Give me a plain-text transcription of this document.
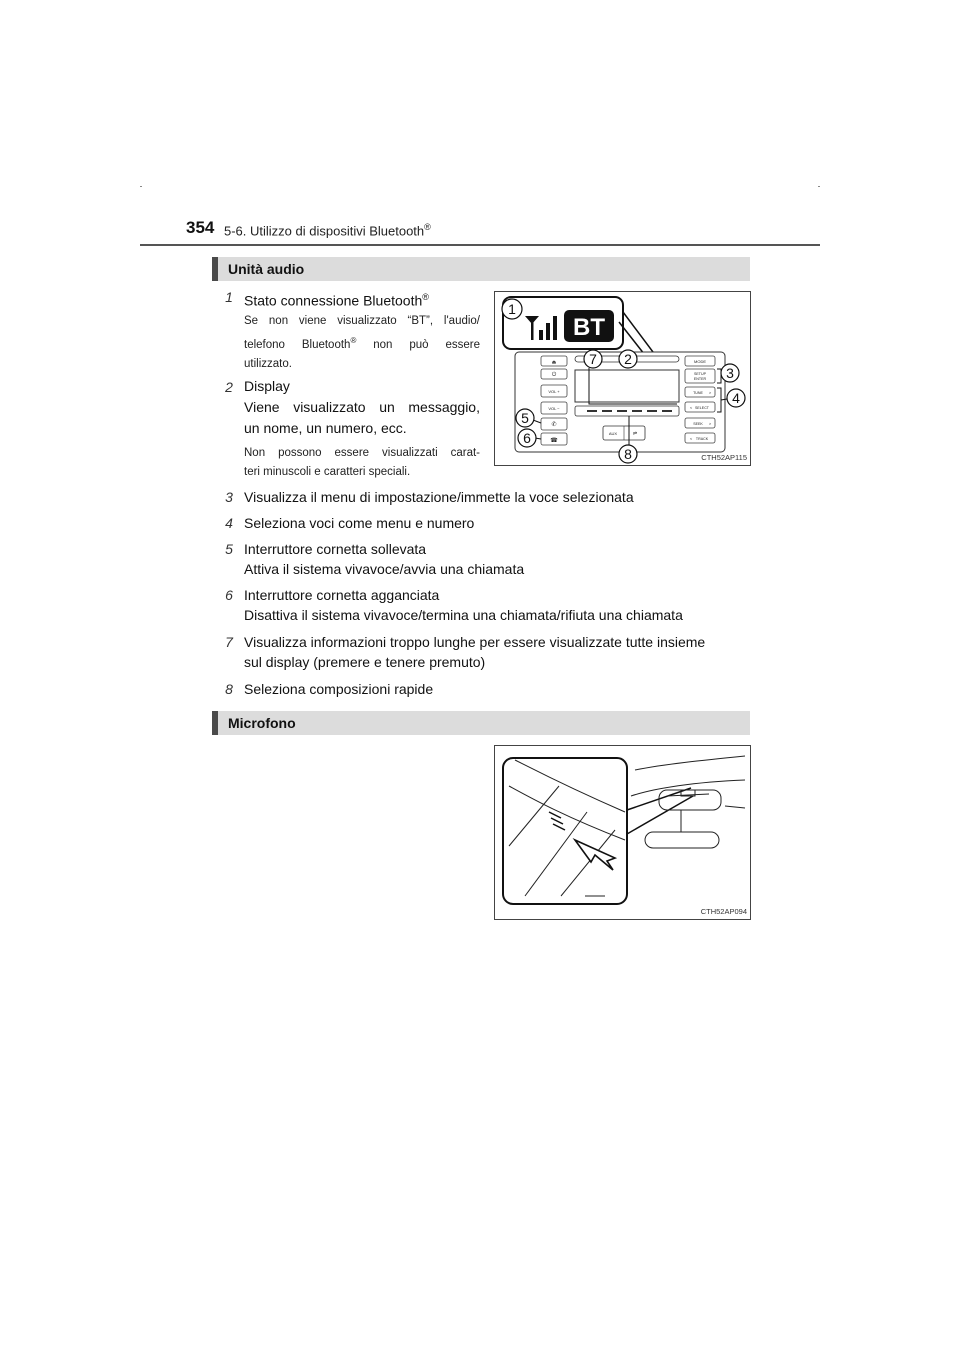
354 5-6. Utilizzo di dispositivi Bluetooth®
Unità audio
1 Stato connessione Bluetooth®
Se non viene visualizzato “BT”, l'audio/
telefono Bluetooth® non può essere
utilizzato.
2 Display
Viene visualizzato un messaggio,
un nome, un numero, ecc.
Non possono essere visualizzati carat-
teri minuscoli e caratteri speciali.
BT
⏏
⏻
VOL +
VOL −
✆
☎
AUX	⇌
MODE
SETUP
ENTER
TUNE >
< SELECT
SEEK >
< TRACK
1
2
3
4
5
6
7
8	CTH52AP115
3 Visualizza il menu di impostazione/immette la voce selezionata
4 Seleziona voci come menu e numero
5 Interruttore cornetta sollevata
Attiva il sistema vivavoce/avvia una chiamata
6 Interruttore cornetta agganciata
Disattiva il sistema vivavoce/termina una chiamata/rifiuta una chiamata
7 Visualizza informazioni troppo lunghe per essere visualizzate tutte insieme
sul display (premere e tenere premuto)
8 Seleziona composizioni rapide
Microfono
CTH52AP094
